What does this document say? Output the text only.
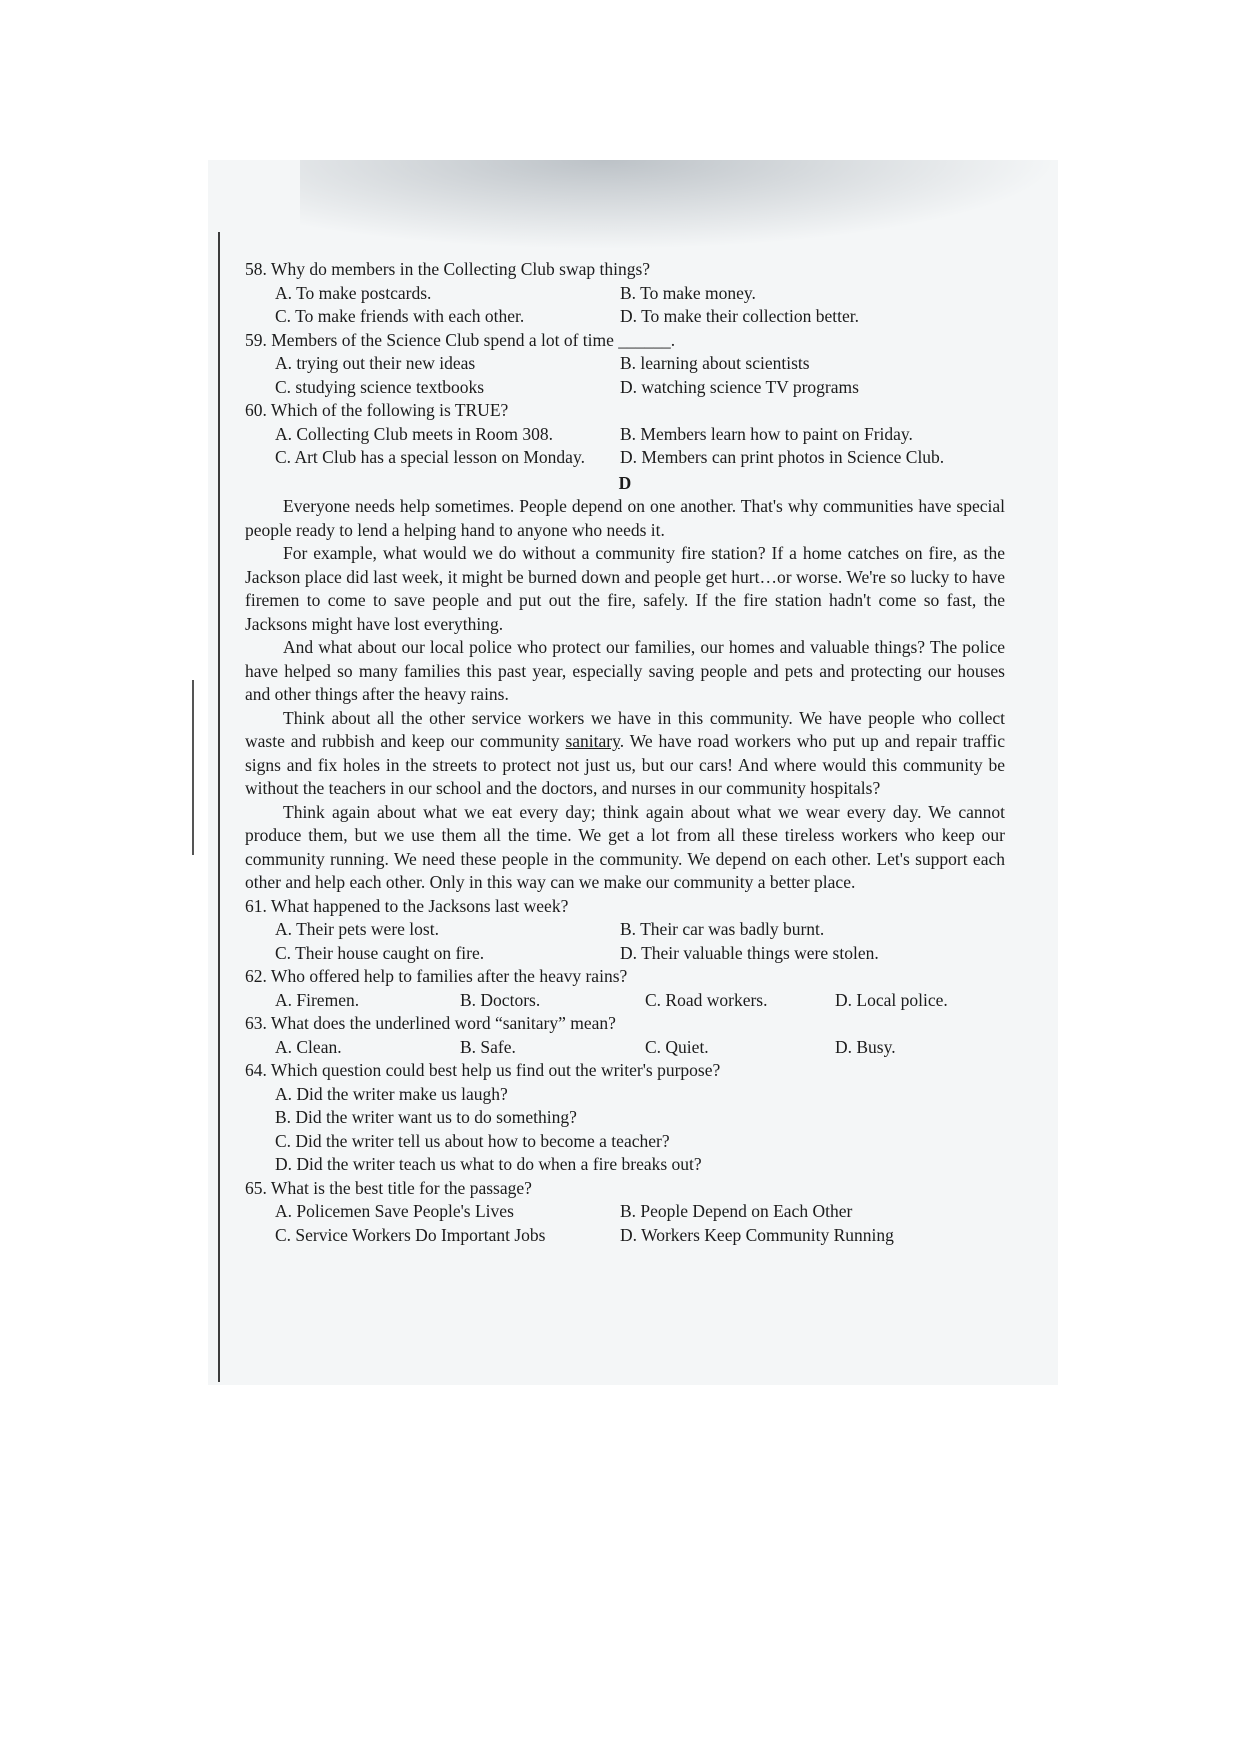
58. Why do members in the Collecting Club swap things?

A. To make postcards.	B. To make money.

C. To make friends with each other.	D. To make their collection better.

59. Members of the Science Club spend a lot of time ______.

A. trying out their new ideas	B. learning about scientists

C. studying science textbooks	D. watching science TV programs

60. Which of the following is TRUE?

A. Collecting Club meets in Room 308.	B. Members learn how to paint on Friday.

C. Art Club has a special lesson on Monday.	D. Members can print photos in Science Club.

D

Everyone needs help sometimes. People depend on one another. That's why communities have special people ready to lend a helping hand to anyone who needs it.

For example, what would we do without a community fire station? If a home catches on fire, as the Jackson place did last week, it might be burned down and people get hurt…or worse. We're so lucky to have firemen to come to save people and put out the fire, safely. If the fire station hadn't come so fast, the Jacksons might have lost everything.

And what about our local police who protect our families, our homes and valuable things? The police have helped so many families this past year, especially saving people and pets and protecting our houses and other things after the heavy rains.

Think about all the other service workers we have in this community. We have people who collect waste and rubbish and keep our community sanitary. We have road workers who put up and repair traffic signs and fix holes in the streets to protect not just us, but our cars! And where would this community be without the teachers in our school and the doctors, and nurses in our community hospitals?

Think again about what we eat every day; think again about what we wear every day. We cannot produce them, but we use them all the time. We get a lot from all these tireless workers who keep our community running. We need these people in the community. We depend on each other. Let's support each other and help each other. Only in this way can we make our community a better place.

61. What happened to the Jacksons last week?

A. Their pets were lost.	B. Their car was badly burnt.

C. Their house caught on fire.	D. Their valuable things were stolen.

62. Who offered help to families after the heavy rains?

A. Firemen.	B. Doctors.	C. Road workers.	D. Local police.

63. What does the underlined word “sanitary” mean?

A. Clean.	B. Safe.	C. Quiet.	D. Busy.

64. Which question could best help us find out the writer's purpose?

A. Did the writer make us laugh?

B. Did the writer want us to do something?

C. Did the writer tell us about how to become a teacher?

D. Did the writer teach us what to do when a fire breaks out?

65. What is the best title for the passage?

A. Policemen Save People's Lives	B. People Depend on Each Other

C. Service Workers Do Important Jobs	D. Workers Keep Community Running
